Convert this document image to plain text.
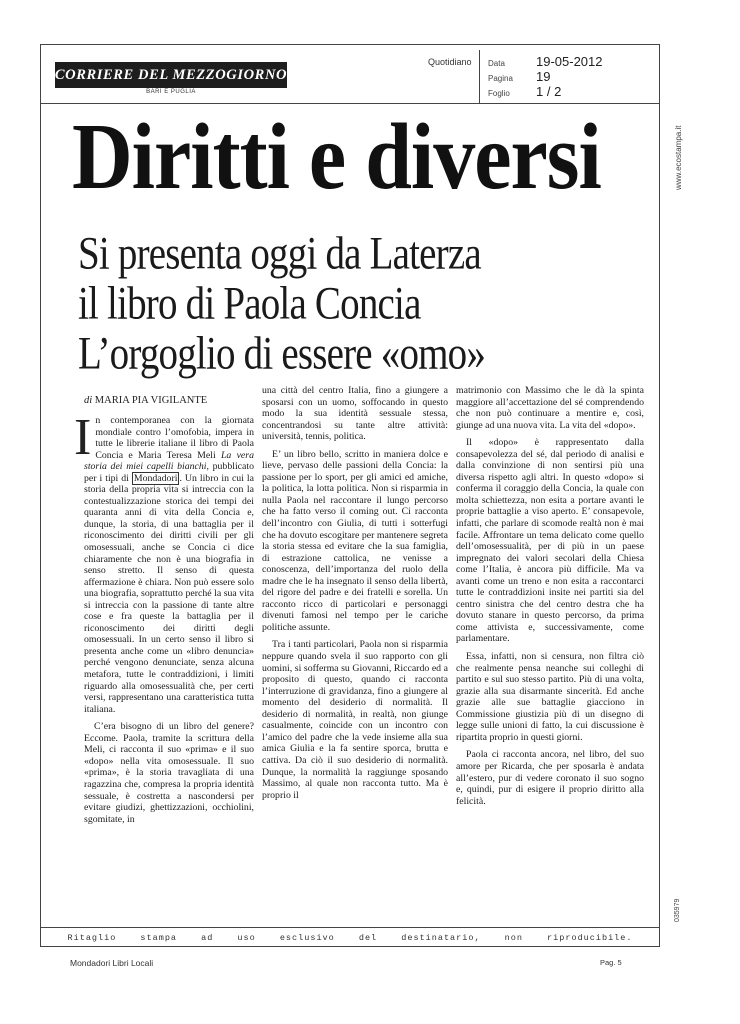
CORRIERE DEL MEZZOGIORNO
BARI E PUGLIA
Quotidiano Data	19-05-2012
Pagina	19
Foglio	1 / 2
www.ecostampa.it
035979
Diritti e diversi
Si presenta oggi da Laterza
il libro di Paola Concia
L’orgoglio di essere «omo»
di MARIA PIA VIGILANTE

In contemporanea con la giornata mondiale contro l’omofobia, impera in tutte le librerie italiane il libro di Paola Concia e Maria Teresa Meli La vera storia dei miei capelli bianchi, pubblicato per i tipi di Mondadori . Un libro in cui la storia della propria vita si intreccia con la contestualizzazione storica dei tempi dei quaranta anni di vita della Concia e, dunque, la storia, di una battaglia per il riconoscimento dei diritti civili per gli omosessuali, anche se Concia ci dice chiaramente che non è una biografia in senso stretto. Il senso di questa affermazione è chiara. Non può essere solo una biografia, soprattutto perché la sua vita si intreccia con la passione di tante altre cose e fra queste la battaglia per il riconoscimento dei diritti degli omosessuali. In un certo senso il libro si presenta anche come un «libro denuncia» perché vengono denunciate, senza alcuna metafora, tutte le contraddizioni, i limiti riguardo alla omosessualità che, per certi versi, rappresentano una caratteristica tutta italiana.

C’era bisogno di un libro del genere? Eccome. Paola, tramite la scrittura della Meli, ci racconta il suo «prima» e il suo «dopo» nella vita omosessuale. Il suo «prima», è la storia travagliata di una ragazzina che, compresa la propria identità sessuale, è costretta a nascondersi per evitare giudizi, ghettizzazioni, occhiolini, sgomitate, in

una città del centro Italia, fino a giungere a sposarsi con un uomo, soffocando in questo modo la sua identità sessuale stessa, concentrandosi su tante altre attività: università, tennis, politica.

E’ un libro bello, scritto in maniera dolce e lieve, pervaso delle passioni della Concia: la passione per lo sport, per gli amici ed amiche, la politica, la lotta politica. Non si risparmia in nulla Paola nel raccontare il lungo percorso che ha fatto verso il coming out. Ci racconta dell’incontro con Giulia, di tutti i sotterfugi che ha dovuto escogitare per mantenere segreta la storia stessa ed evitare che la sua famiglia, di estrazione cattolica, ne venisse a conoscenza, dell’importanza del ruolo della madre che le ha insegnato il senso della libertà, del rigore del padre e dei fratelli e sorella. Un racconto ricco di particolari e personaggi divenuti famosi nel tempo per le cariche politiche assunte.

Tra i tanti particolari, Paola non si risparmia neppure quando svela il suo rapporto con gli uomini, si sofferma su Giovanni, Riccardo ed a proposito di questo, quando ci racconta l’interruzione di gravidanza, fino a giungere al momento del desiderio di normalità. Il desiderio di normalità, in realtà, non giunge casualmente, coincide con un incontro con l’amico del padre che la vede insieme alla sua amica Giulia e la fa sentire sporca, brutta e cattiva. Da ciò il suo desiderio di normalità. Dunque, la normalità la raggiunge sposando Massimo, al quale non racconta tutto. Ma è proprio il

matrimonio con Massimo che le dà la spinta maggiore all’accettazione del sé comprendendo che non può continuare a mentire e, così, giunge ad una nuova vita. La vita del «dopo».

Il «dopo» è rappresentato dalla consapevolezza del sé, dal periodo di analisi e dalla convinzione di non sentirsi più una diversa rispetto agli altri. In questo «dopo» si conferma il coraggio della Concia, la quale con molta schiettezza, non esita a portare avanti le proprie battaglie a viso aperto. E’ consapevole, infatti, che parlare di scomode realtà non è mai facile. Affrontare un tema delicato come quello dell’omosessualità, per di più in un paese impregnato dei valori secolari della Chiesa come l’Italia, è ancora più difficile. Ma va avanti come un treno e non esita a raccontarci tutte le contraddizioni insite nei partiti sia del centro sinistra che del centro destra che ha dovuto stanare in questo percorso, da prima come attivista e, successivamente, come parlamentare.

Essa, infatti, non si censura, non filtra ciò che realmente pensa neanche sui colleghi di partito e sul suo stesso partito. Più di una volta, grazie alla sua disarmante sincerità. Ed anche grazie alle sue battaglie giacciono in Commissione giustizia più di un disegno di legge sulle unioni di fatto, la cui discussione è ripartita proprio in questi giorni.

Paola ci racconta ancora, nel libro, del suo amore per Ricarda, che per sposarla è andata all’estero, pur di vedere coronato il suo sogno e, quindi, pur di esigere il proprio diritto alla felicità.

Ritaglio stampa ad uso esclusivo del destinatario, non riproducibile.
Mondadori Libri Locali	Pag. 5
